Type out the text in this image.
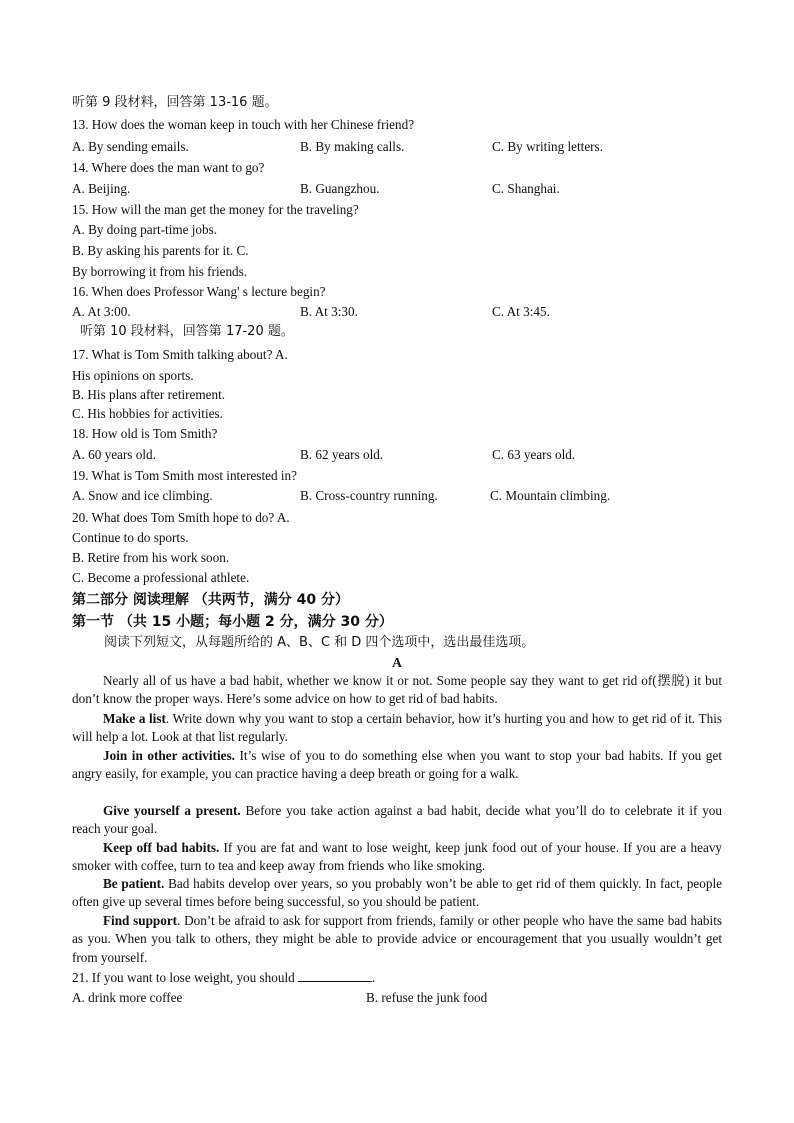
听第 9 段材料，回答第 13-16 题。
13. How does the woman keep in touch with her Chinese friend?
A. By sending emails.	B. By making calls.	C. By writing letters.
14. Where does the man want to go?
A. Beijing.	B. Guangzhou.	C. Shanghai.
15. How will the man get the money for the traveling?
A. By doing part-time jobs.
B. By asking his parents for it. C.
By borrowing it from his friends.
16. When does Professor Wang' s lecture begin?
A. At 3:00.	B. At 3:30.	C. At 3:45.
听第 10 段材料，回答第 17-20 题。
17. What is Tom Smith talking about? A.
His opinions on sports.
B. His plans after retirement.
C. His hobbies for activities.
18. How old is Tom Smith?
A. 60 years old.	B. 62 years old.	C. 63 years old.
19. What is Tom Smith most interested in?
A. Snow and ice climbing.	B. Cross-country running.	C. Mountain climbing.
20. What does Tom Smith hope to do? A.
Continue to do sports.
B. Retire from his work soon.
C. Become a professional athlete.
第二部分 阅读理解 （共两节，满分 40 分）
第一节 （共 15 小题；每小题 2 分，满分 30 分）
阅读下列短文，从每题所给的 A、B、C 和 D 四个选项中，选出最佳选项。
A
Nearly all of us have a bad habit, whether we know it or not. Some people say they want to get rid of(摆脱) it but don’t know the proper ways. Here’s some advice on how to get rid of bad habits.
Make a list. Write down why you want to stop a certain behavior, how it’s hurting you and how to get rid of it. This will help a lot. Look at that list regularly.
Join in other activities. It’s wise of you to do something else when you want to stop your bad habits. If you get angry easily, for example, you can practice having a deep breath or going for a walk.
Give yourself a present. Before you take action against a bad habit, decide what you’ll do to celebrate it if you reach your goal.
Keep off bad habits. If you are fat and want to lose weight, keep junk food out of your house. If you are a heavy smoker with coffee, turn to tea and keep away from friends who like smoking.
Be patient. Bad habits develop over years, so you probably won’t be able to get rid of them quickly. In fact, people often give up several times before being successful, so you should be patient.
Find support. Don’t be afraid to ask for support from friends, family or other people who have the same bad habits as you. When you talk to others, they might be able to provide advice or encouragement that you usually wouldn’t get from yourself.
21. If you want to lose weight, you should	.
A. drink more coffee	B. refuse the junk food
